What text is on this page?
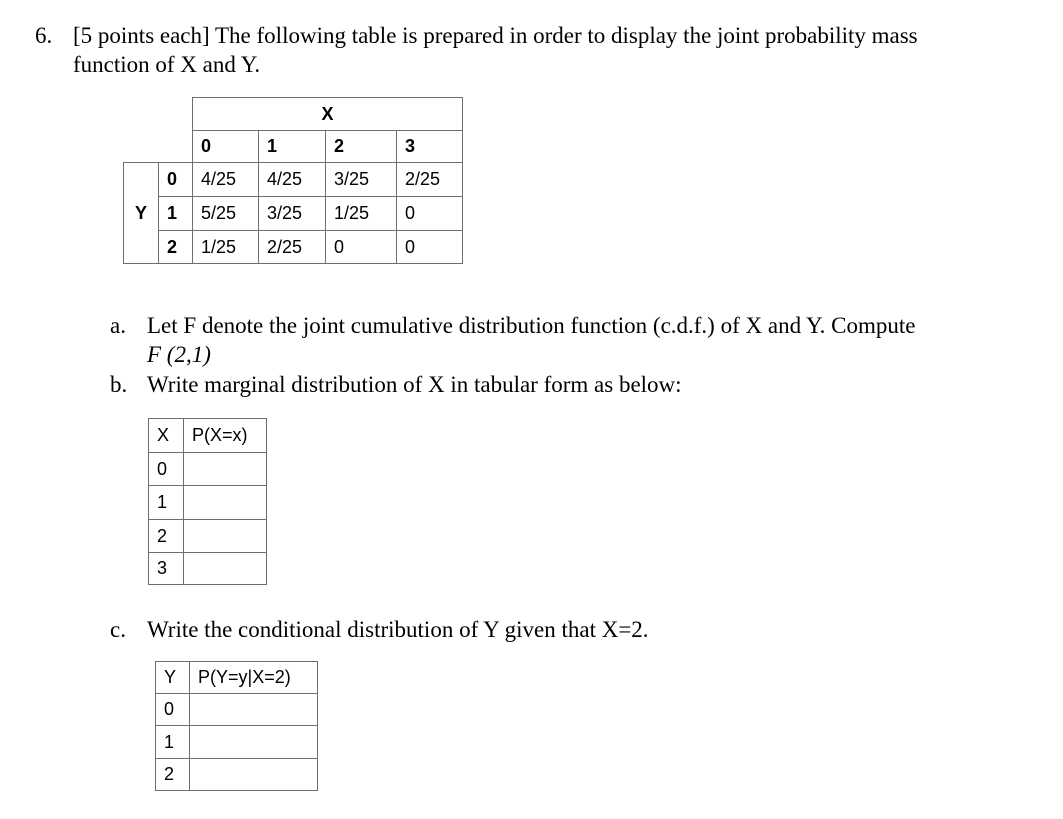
6. [5 points each] The following table is prepared in order to display the joint probability mass
function of X and Y.
		X			
		0	1	2	3
Y	0	4/25	4/25	3/25	2/25
	1	5/25	3/25	1/25	0
	2	1/25	2/25	0	0
a. Let F denote the joint cumulative distribution function (c.d.f.) of X and Y. Compute
F (2,1)
b. Write marginal distribution of X in tabular form as below:
X	P(X=x)
0	
1	
2	
3	
c. Write the conditional distribution of Y given that X=2.
Y	P(Y=y|X=2)
0	
1	
2	
